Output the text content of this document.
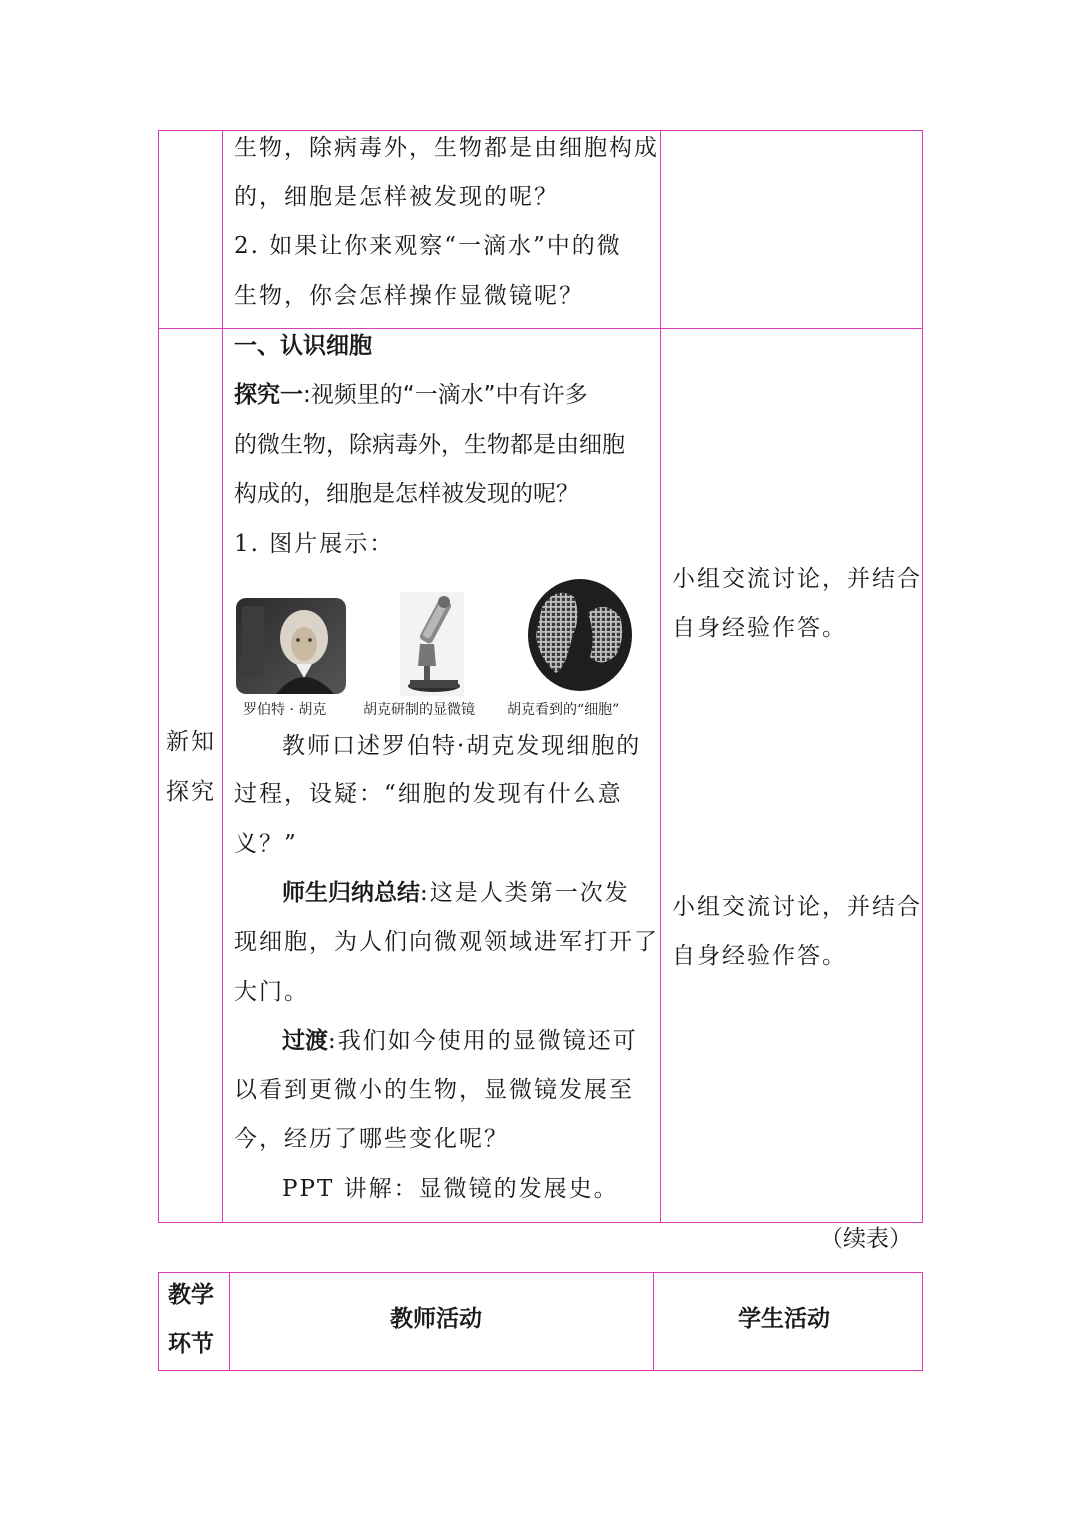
生物，除病毒外，生物都是由细胞构成
的，细胞是怎样被发现的呢？
2. 如果让你来观察“一滴水”中的微
生物，你会怎样操作显微镜呢？
新知
探究
一、认识细胞
探究一:视频里的“一滴水”中有许多
的微生物，除病毒外，生物都是由细胞
构成的，细胞是怎样被发现的呢？
1. 图片展示：
罗伯特 · 胡克	胡克研制的显微镜 胡克看到的“细胞”
教师口述罗伯特·胡克发现细胞的
过程，设疑：“细胞的发现有什么意
义？”
师生归纳总结:这是人类第一次发
现细胞，为人们向微观领域进军打开了
大门。
过渡:我们如今使用的显微镜还可
以看到更微小的生物，显微镜发展至
今，经历了哪些变化呢？
PPT 讲解：显微镜的发展史。
小组交流讨论，并结合
自身经验作答。
小组交流讨论，并结合
自身经验作答。
（续表）
教学
环节
教师活动	学生活动
